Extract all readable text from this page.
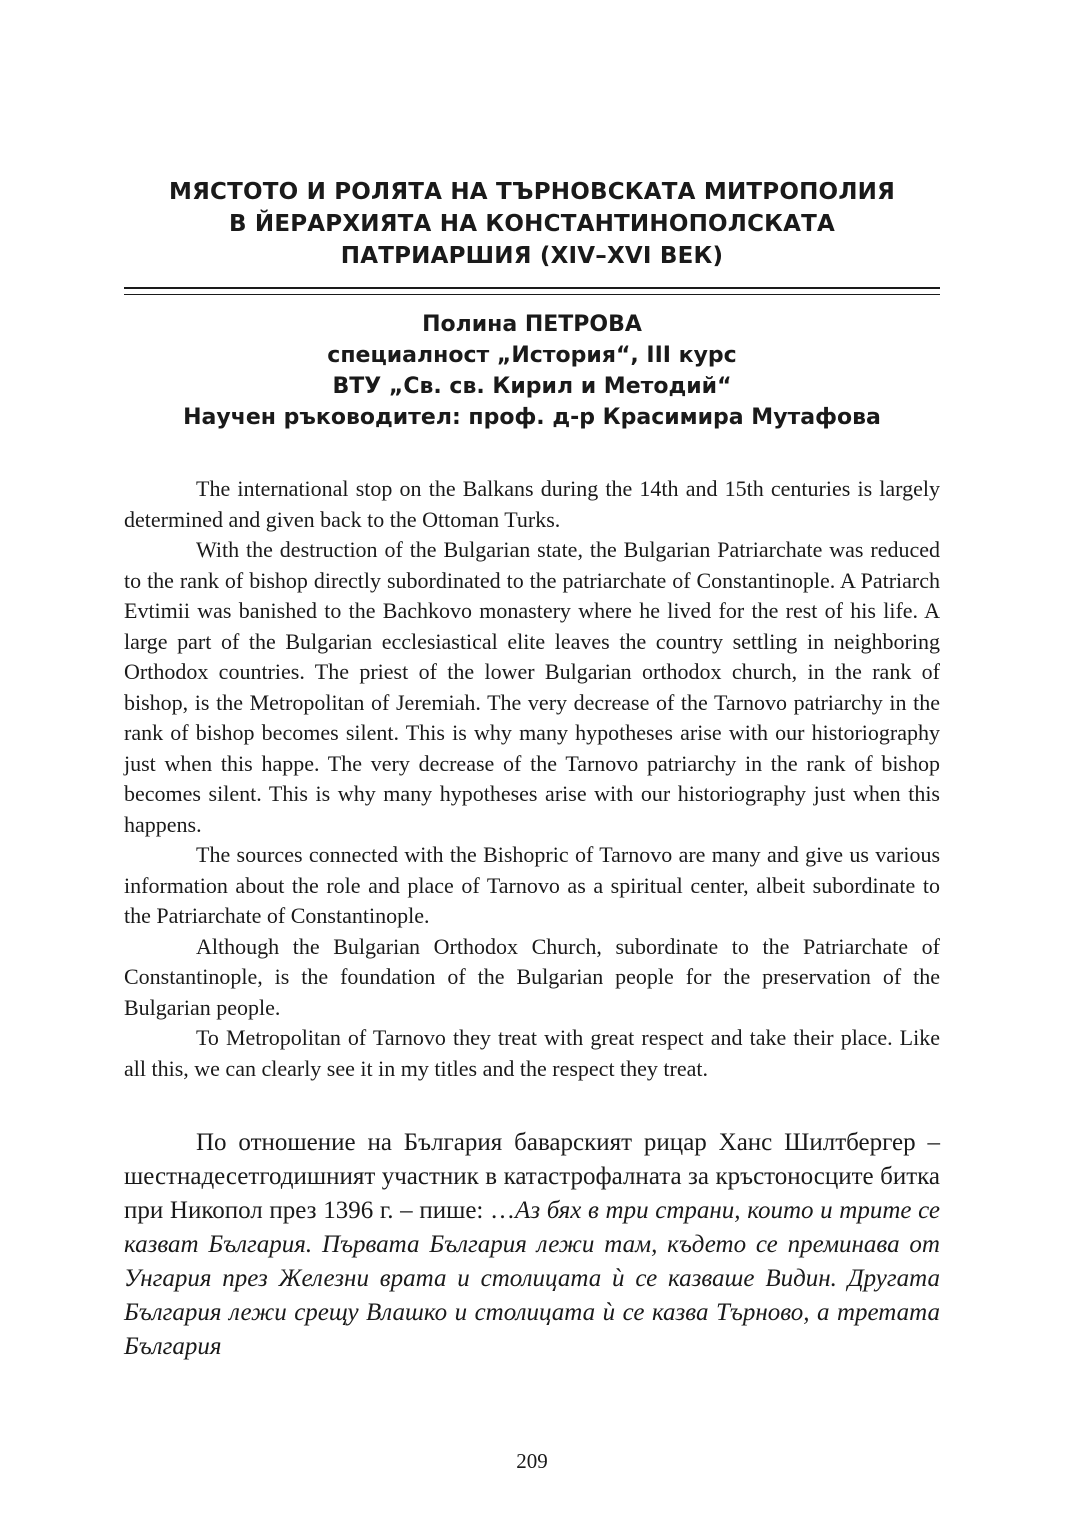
МЯСТОТО И РОЛЯТА НА ТЪРНОВСКАТА МИТРОПОЛИЯ
В ЙЕРАРХИЯТА НА КОНСТАНТИНОПОЛСКАТА
ПАТРИАРШИЯ (XIV–XVI ВЕК)
Полина ПЕТРОВА
специалност „История“, III курс
ВТУ „Св. св. Кирил и Методий“
Научен ръководител: проф. д-р Красимира Мутафова

The international stop on the Balkans during the 14th and 15th centuries is largely determined and given back to the Ottoman Turks.

With the destruction of the Bulgarian state, the Bulgarian Patriarchate was reduced to the rank of bishop directly subordinated to the patriarchate of Constantinople. A Patriarch Evtimii was banished to the Bachkovo monastery where he lived for the rest of his life. A large part of the Bulgarian ecclesiastical elite leaves the country settling in neighboring Orthodox countries. The priest of the lower Bulgarian orthodox church, in the rank of bishop, is the Metropolitan of Jeremiah. The very decrease of the Tarnovo patriarchy in the rank of bishop becomes silent. This is why many hypotheses arise with our historiography just when this happe. The very decrease of the Tarnovo patriarchy in the rank of bishop becomes silent. This is why many hypotheses arise with our historiography just when this happens.

The sources connected with the Bishopric of Tarnovo are many and give us various information about the role and place of Tarnovo as a spiritual center, albeit subordinate to the Patriarchate of Constantinople.

Although the Bulgarian Orthodox Church, subordinate to the Patriarchate of Constantinople, is the foundation of the Bulgarian people for the preservation of the Bulgarian people.

To Metropolitan of Tarnovo they treat with great respect and take their place. Like all this, we can clearly see it in my titles and the respect they treat.

По отношение на България баварският рицар Ханс Шилтбергер – шестнадесетгодишният участник в катастрофалната за кръстоносците битка при Никопол през 1396 г. – пише: …Аз бях в три страни, които и трите се казват България. Първата България лежи там, където се преминава от Унгария през Железни врата и столицата ѝ се казваше Видин. Другата България лежи срещу Влашко и столицата ѝ се казва Търново, а третата България

209
